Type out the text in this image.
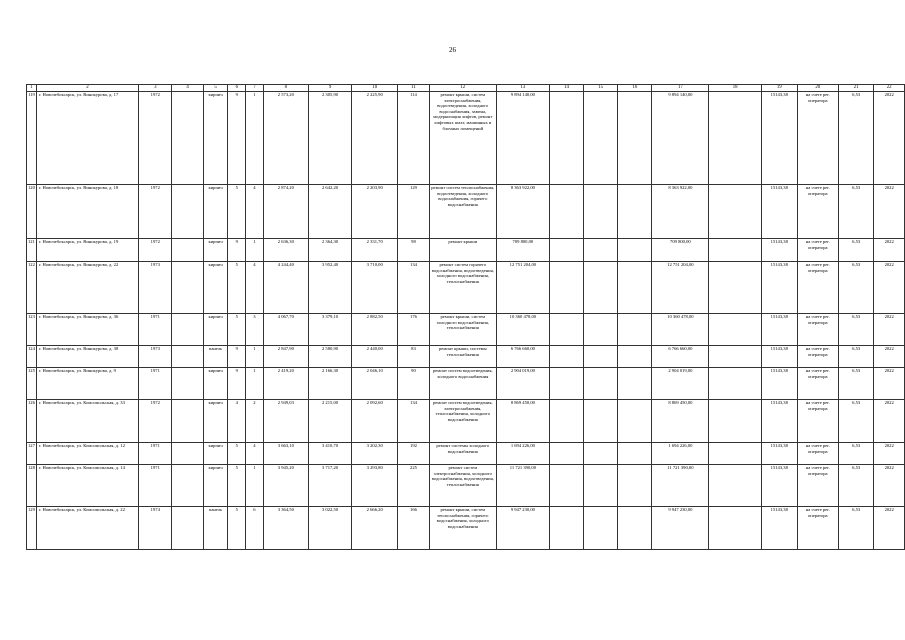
26
1	2	3	4	5	6	7	8	9	10	11	12	13	14	15	16	17	18	19	20	21	22
119	г. Новочебоксарск, ул. Винокурова, д. 17	1972		кирпич	9	1	2 573,20	2 305,90	2 225,90	114	ремонт крыши, систем электроснабжения, водоотведения, холодного водоснабжения, замена, модернизация лифтов, ремонт лифтовых шахт, машинных и блочных помещений	9 894 140,00				9 894 140,00		15143,38	на счете рег. оператора	6,53	2022
120	г. Новочебоксарск, ул. Винокурова, д. 18	1972		кирпич	5	4	2 874,20	2 642,20	2 203,90	129	ремонт систем теплоснабжения, водоотведения, холодного водоснабжения, горячего водоснабжения	8 363 922,00				8 363 922,00		15143,38	на счете рег. оператора	6,53	2022
121	г. Новочебоксарск, ул. Винокурова, д. 19	1972		кирпич	9	1	2 636,30	2 364,30	2 331,70	98	ремонт крыши	709 800,00				709 800,00		15143,38	на счете рег. оператора	6,53	2022
122	г. Новочебоксарск, ул. Винокурова, д. 22	1973		кирпич	5	4	4 244,40	3 952,40	3 710,00	134	ремонт систем горячего водоснабжения, водоотведения, холодного водоснабжения, теплоснабжения	12 751 204,00				12 751 204,00		15143,38	на счете рег. оператора	6,53	2022
123	г. Новочебоксарск, ул. Винокурова, д. 36	1971		кирпич	5	3	4 067,70	3 379,10	2 882,50	176	ремонт крыши, систем холодного водоснабжения, теплоснабжения	10 360 478,00				10 360 478,00		15143,38	на счете рег. оператора	6,53	2022
124	г. Новочебоксарск, ул. Винокурова, д. 38	1973		панель	9	1	2 847,90	2 580,90	2 440,00	83	ремонт крыши, системы теплоснабжения	6 766 660,00				6 766 660,00		15143,38	на счете рег. оператора	6,53	2022
125	г. Новочебоксарск, ул. Винокурова, д. 9	1971		кирпич	9	1	2 419,20	2 166,30	2 046,10	90	ремонт систем водоотведения, холодного водоснабжения	2 904 019,00				2 904 019,00		15143,38	на счете рег. оператора	6,53	2022
126	г. Новочебоксарск, ул. Комсомольская, д. 33	1972		кирпич	4	2	2 949,03	2 215,00	2 092,60	134	ремонт систем водоотведения, электроснабжения, теплоснабжения, холодного водоснабжения	8 869 450,00				8 869 450,00		15143,38	на счете рег. оператора	6,53	2022
127	г. Новочебоксарск, ул. Комсомольская, д. 12	1971		кирпич	5	4	3 663,10	3 410,70	3 202,30	192	ремонт системы холодного водоснабжения	1 694 226,00				1 694 226,00		15143,38	на счете рег. оператора	6,53	2022
128	г. Новочебоксарск, ул. Комсомольская, д. 14	1971		кирпич	5	1	3 945,20	3 717,20	3 293,80	225	ремонт систем электроснабжения, холодного водоснабжения, водоотведения, теплоснабжения	11 721 390,00				11 721 390,00		15143,38	на счете рег. оператора	6,53	2022
129	г. Новочебоксарск, ул. Комсомольская, д. 22	1974		панель	5	6	3 364,50	3 022,50	2 666,20	166	ремонт крыши, систем теплоснабжения, горячего водоснабжения, холодного водоснабжения	9 947 230,00				9 947 230,00		15143,38	на счете рег. оператора	6,53	2022
